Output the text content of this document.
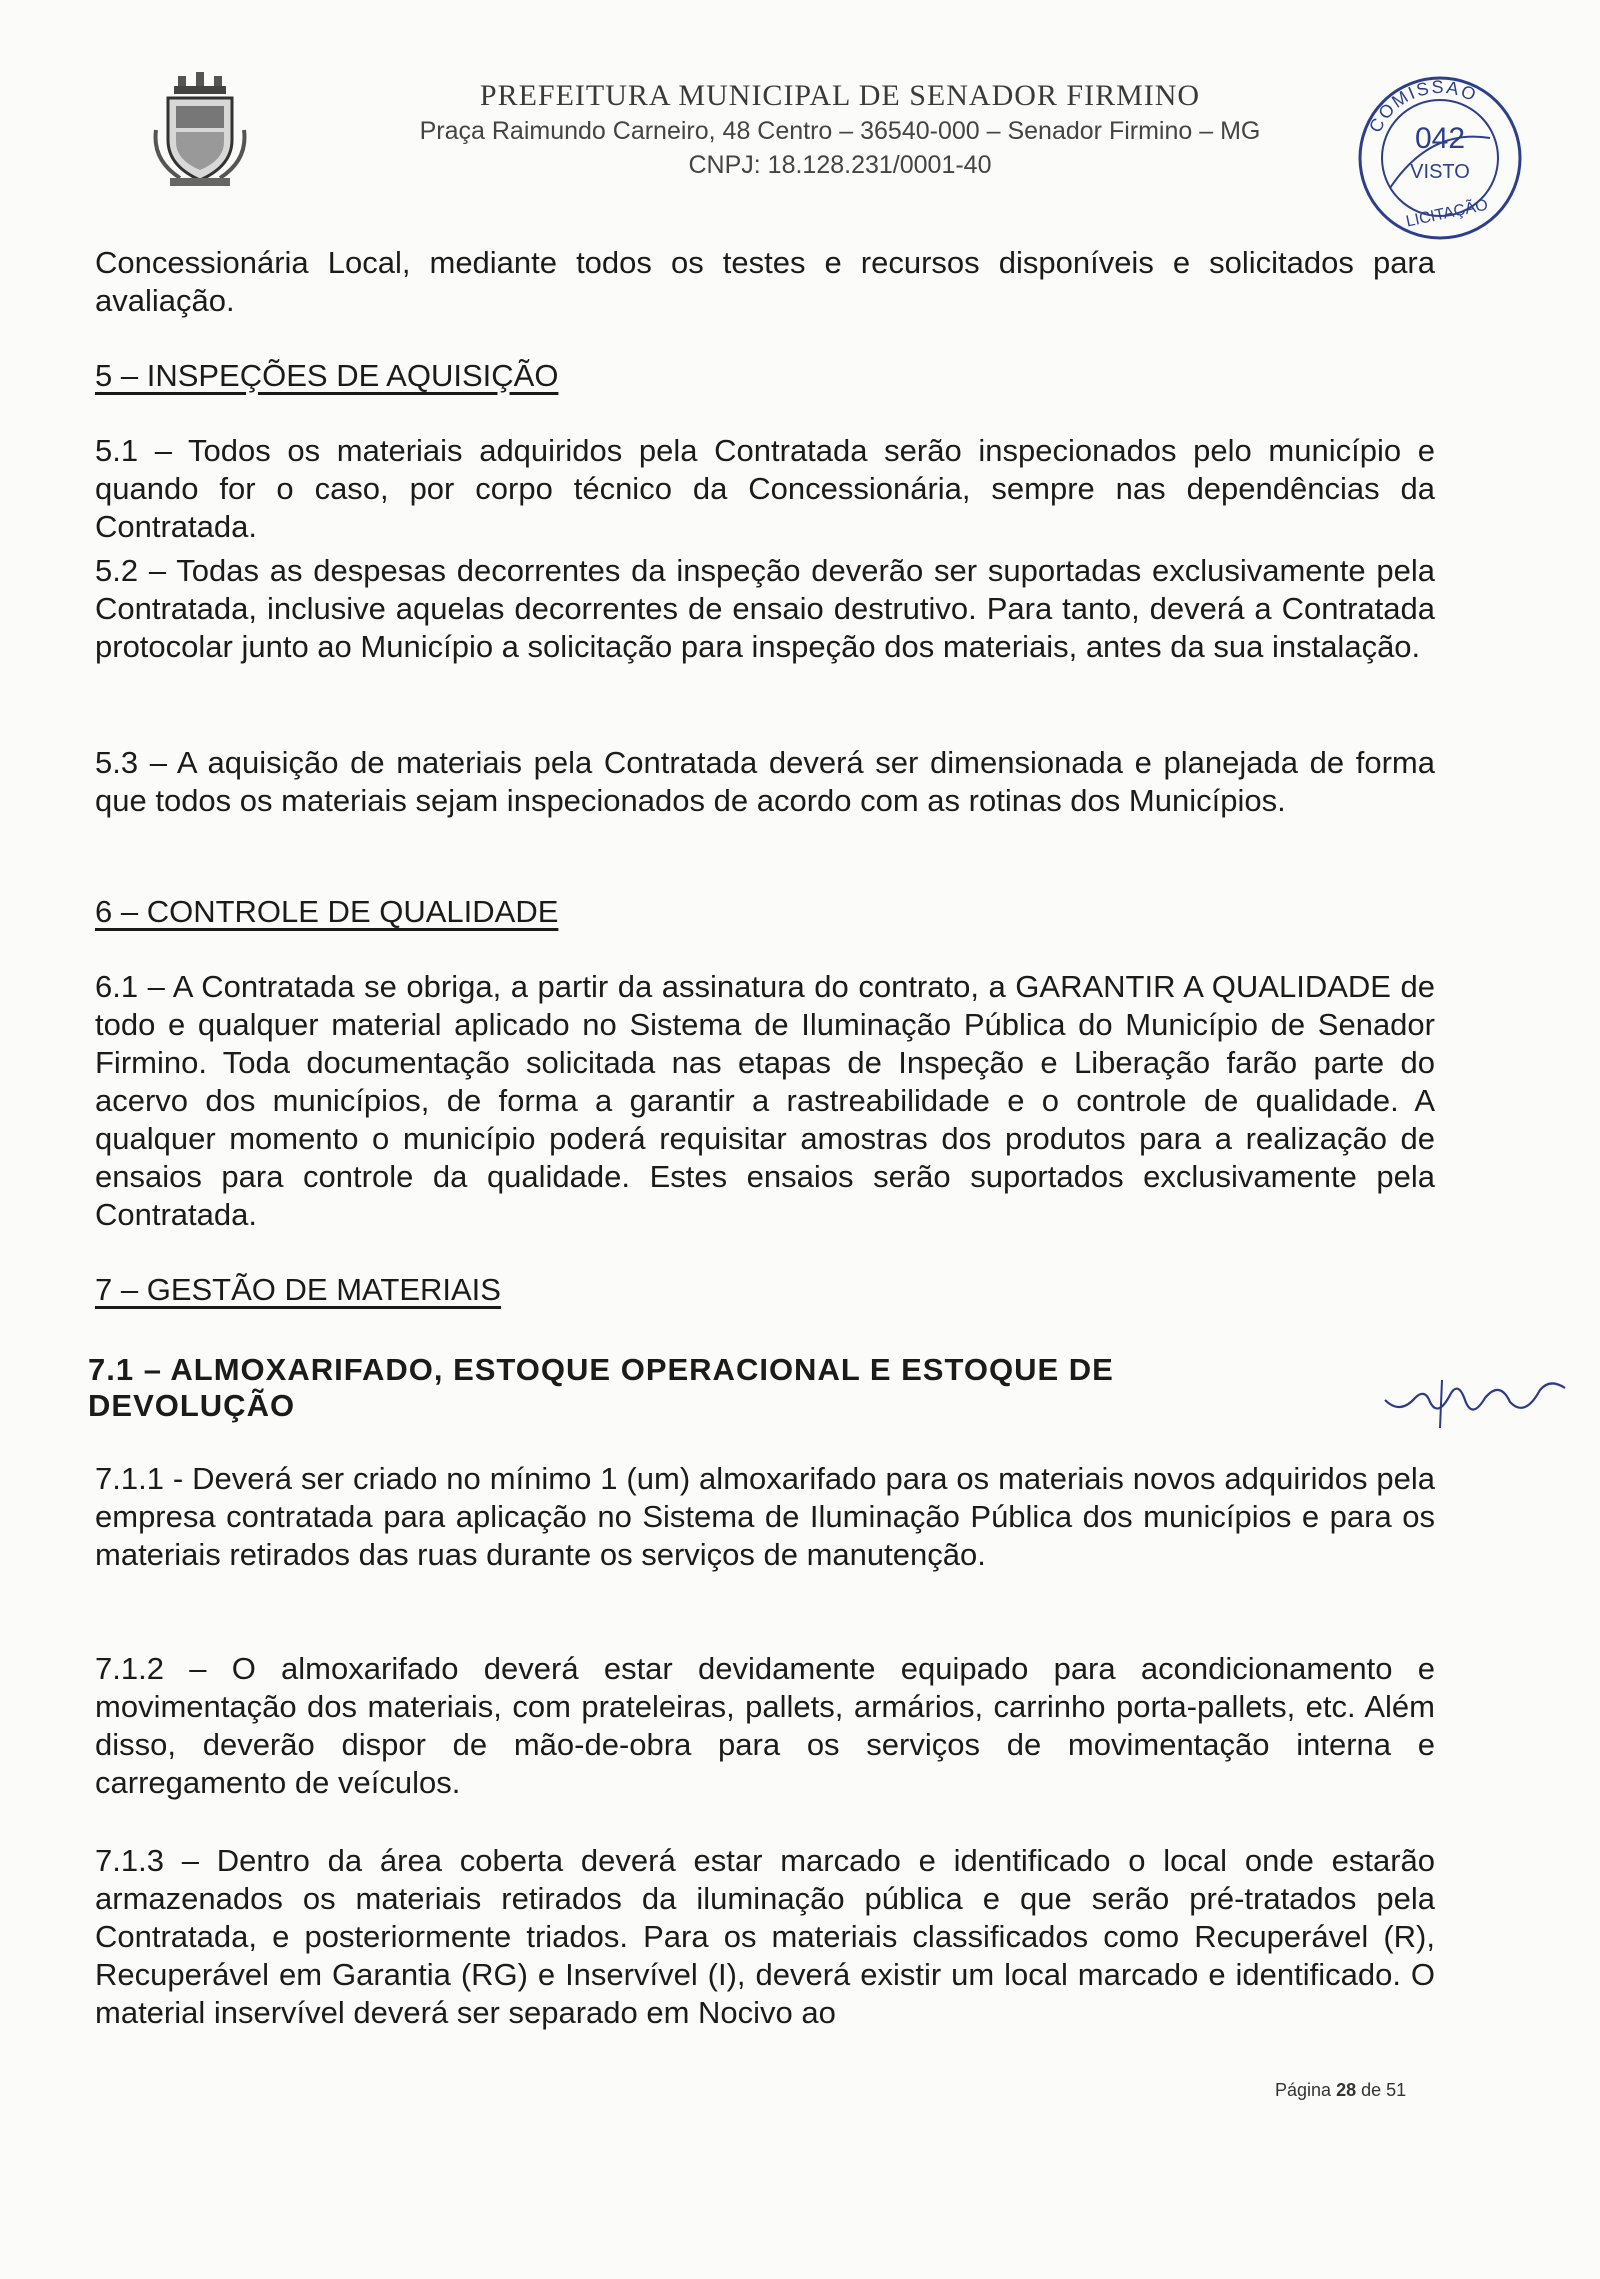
PREFEITURA MUNICIPAL DE SENADOR FIRMINO
Praça Raimundo Carneiro, 48 Centro – 36540-000 – Senador Firmino – MG
CNPJ: 18.128.231/0001-40
COMISSÃO
042
VISTO
LICITAÇÃO

Concessionária Local, mediante todos os testes e recursos disponíveis e solicitados para avaliação.

5 – INSPEÇÕES DE AQUISIÇÃO

5.1 – Todos os materiais adquiridos pela Contratada serão inspecionados pelo município e quando for o caso, por corpo técnico da Concessionária, sempre nas dependências da Contratada.

5.2 – Todas as despesas decorrentes da inspeção deverão ser suportadas exclusivamente pela Contratada, inclusive aquelas decorrentes de ensaio destrutivo. Para tanto, deverá a Contratada protocolar junto ao Município a solicitação para inspeção dos materiais, antes da sua instalação.

5.3 – A aquisição de materiais pela Contratada deverá ser dimensionada e planejada de forma que todos os materiais sejam inspecionados de acordo com as rotinas dos Municípios.

6 – CONTROLE DE QUALIDADE

6.1 – A Contratada se obriga, a partir da assinatura do contrato, a GARANTIR A QUALIDADE de todo e qualquer material aplicado no Sistema de Iluminação Pública do Município de Senador Firmino. Toda documentação solicitada nas etapas de Inspeção e Liberação farão parte do acervo dos municípios, de forma a garantir a rastreabilidade e o controle de qualidade. A qualquer momento o município poderá requisitar amostras dos produtos para a realização de ensaios para controle da qualidade. Estes ensaios serão suportados exclusivamente pela Contratada.

7 – GESTÃO DE MATERIAIS
7.1 – ALMOXARIFADO, ESTOQUE OPERACIONAL E ESTOQUE DE DEVOLUÇÃO

7.1.1 - Deverá ser criado no mínimo 1 (um) almoxarifado para os materiais novos adquiridos pela empresa contratada para aplicação no Sistema de Iluminação Pública dos municípios e para os materiais retirados das ruas durante os serviços de manutenção.

7.1.2 – O almoxarifado deverá estar devidamente equipado para acondicionamento e movimentação dos materiais, com prateleiras, pallets, armários, carrinho porta-pallets, etc. Além disso, deverão dispor de mão-de-obra para os serviços de movimentação interna e carregamento de veículos.

7.1.3 – Dentro da área coberta deverá estar marcado e identificado o local onde estarão armazenados os materiais retirados da iluminação pública e que serão pré-tratados pela Contratada, e posteriormente triados. Para os materiais classificados como Recuperável (R), Recuperável em Garantia (RG) e Inservível (I), deverá existir um local marcado e identificado. O material inservível deverá ser separado em Nocivo ao

Página 28 de 51
